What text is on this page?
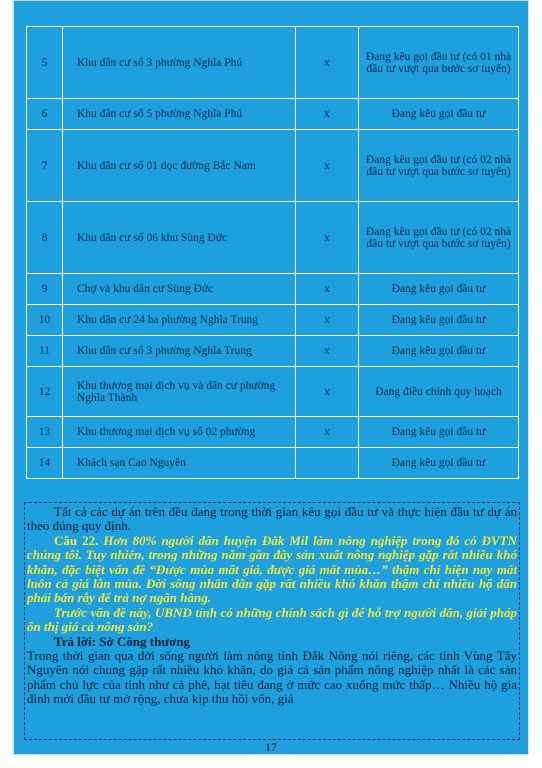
5	Khu dân cư số 3 phường Nghĩa Phú	x	Đang kêu gọi đầu tư (có 01 nhà đầu tư vượt qua bước sơ tuyển)
6	Khu dân cư số 5 phường Nghĩa Phú	x	Đang kêu gọi đầu tư
7	Khu dân cư số 01 dọc đường Bắc Nam	x	Đang kêu gọi đầu tư (có 02 nhà đầu tư vượt qua bước sơ tuyển)
8	Khu dân cư số 06 khu Sùng Đức	x	Đang kêu gọi đầu tư (có 02 nhà đầu tư vượt qua bước sơ tuyển)
9	Chợ và khu dân cư Sùng Đức	x	Đang kêu gọi đầu tư
10	Khu dân cư 24 ha phường Nghĩa Trung	x	Đang kêu gọi đầu tư
11	Khu dân cư số 3 phường Nghĩa Trung	x	Đang kêu gọi đầu tư
12	Khu thương mại dịch vụ và dân cư phường Nghĩa Thành	x	Đang điều chỉnh quy hoạch
13	Khu thương mại dịch vụ số 02 phường	x	Đang kêu gọi đầu tư
14	Khách sạn Cao Nguyên		Đang kêu gọi đầu tư

Tất cả các dự án trên đều đang trong thời gian kêu gọi đầu tư và thực hiện đầu tư dự án theo đúng quy định.

Câu 22. Hơn 80% người dân huyện Đắk Mil làm nông nghiệp trong đó có ĐVTN chúng tôi. Tuy nhiên, trong những năm gần đây sản xuất nông nghiệp gặp rất nhiều khó khăn, đặc biệt vấn đề “Được mùa mất giá, được giá mất mùa…” thậm chí hiện nay mất luôn cả giá lẫn mùa. Đời sống nhân dân gặp rất nhiều khó khăn thậm chí nhiều hộ dân phải bán rẫy để trả nợ ngân hàng.

Trước vấn đề này, UBND tỉnh có những chính sách gì để hỗ trợ người dân, giải pháp ổn thị giá cả nông sản?

Trả lời: Sở Công thương

Trong thời gian qua đời sống người làm nông tỉnh Đắk Nông nói riêng, các tỉnh Vùng Tây Nguyên nói chung gặp rất nhiều khó khăn, do giá cả sản phẩm nông nghiệp nhất là các sản phẩm chủ lực của tỉnh như cà phê, hạt tiêu đang ở mức cao xuống mức thấp… Nhiều hộ gia đình mới đầu tư mở rộng, chưa kịp thu hồi vốn, giá

17
